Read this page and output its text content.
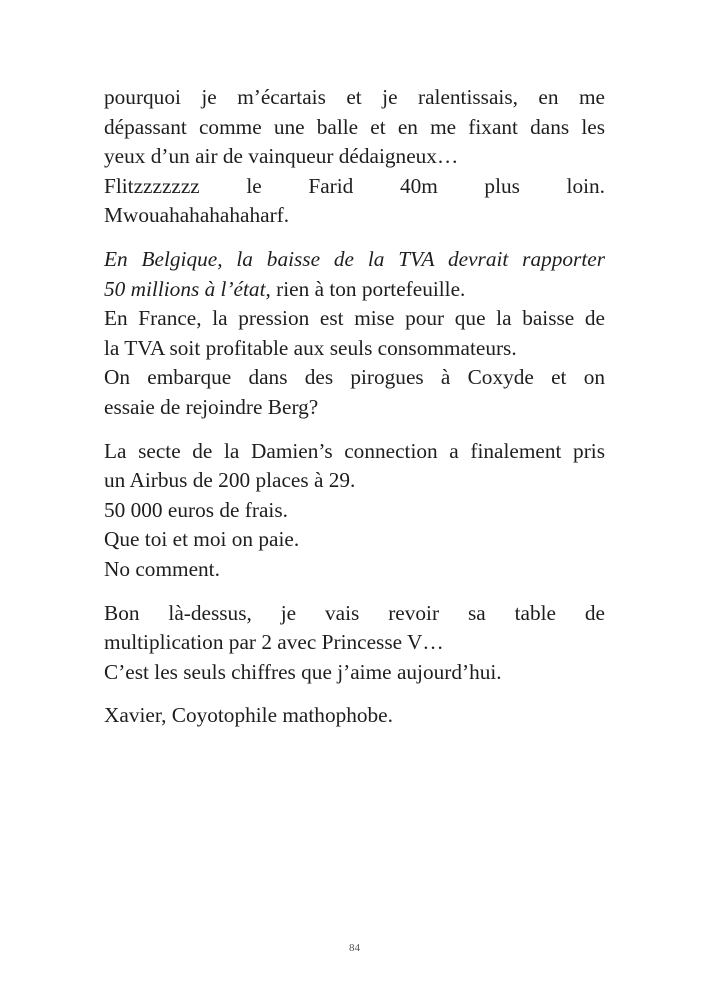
pourquoi je m’écartais et je ralentissais, en me
dépassant comme une balle et en me fixant dans les
yeux d’un air de vainqueur dédaigneux…
Flitzzzzzzz le Farid 40m plus loin.
Mwouahahahahaharf.

En Belgique, la baisse de la TVA devrait rapporter
50 millions à l’état, rien à ton portefeuille.
En France, la pression est mise pour que la baisse de
la TVA soit profitable aux seuls consommateurs.
On embarque dans des pirogues à Coxyde et on
essaie de rejoindre Berg?

La secte de la Damien’s connection a finalement pris
un Airbus de 200 places à 29.
50 000 euros de frais.
Que toi et moi on paie.
No comment.

Bon là-dessus, je vais revoir sa table de
multiplication par 2 avec Princesse V…
C’est les seuls chiffres que j’aime aujourd’hui.

Xavier, Coyotophile mathophobe.

84
